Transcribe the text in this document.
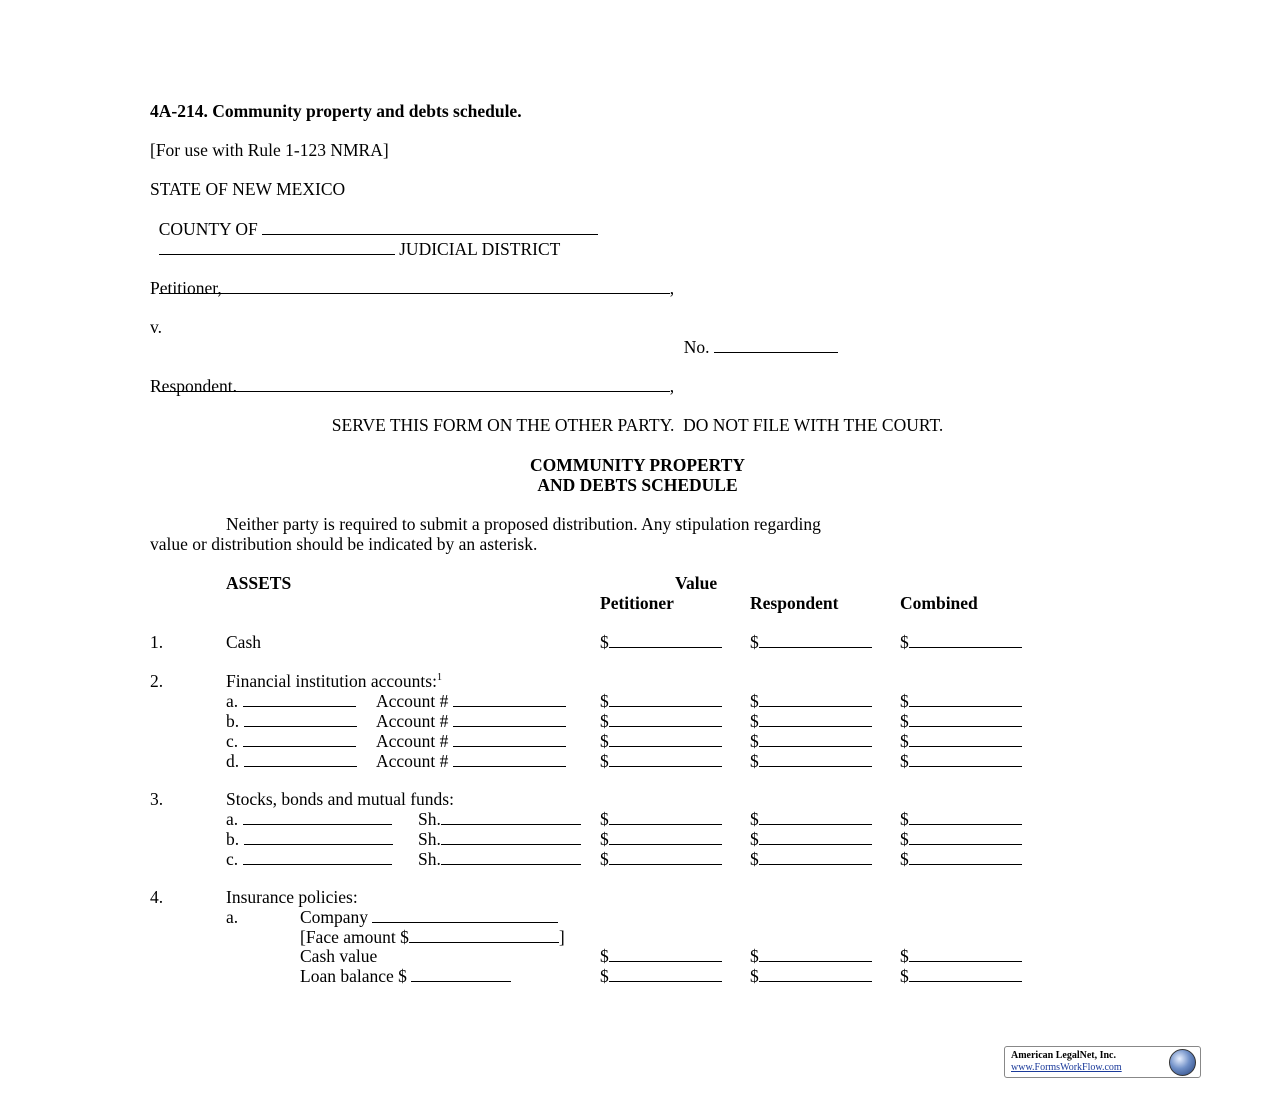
4A-214. Community property and debts schedule.
[For use with Rule 1-123 NMRA]
STATE OF NEW MEXICO

COUNTY OF

JUDICIAL DISTRICT

,

Petitioner,
v.

No.

,

Respondent.
SERVE THIS FORM ON THE OTHER PARTY.  DO NOT FILE WITH THE COURT.
COMMUNITY PROPERTY
AND DEBTS SCHEDULE
Neither party is required to submit a proposed distribution. Any stipulation regarding
value or distribution should be indicated by an asterisk.
ASSETS	Value
Petitioner	Respondent	Combined
1.	Cash	$	$	$
2.	Financial institution accounts:$^1$
a.	Account #	$	$	$
b.	Account #	$	$	$
c.	Account #	$	$	$
d.	Account #	$	$	$
3.	Stocks, bonds and mutual funds:
a.	Sh.	$	$	$
b.	Sh.	$	$	$
c.	Sh.	$	$	$
4.	Insurance policies:
a.	Company
[Face amount $	]
Cash value	$	$	$
Loan balance $	$	$	$
American LegalNet, Inc.
www.FormsWorkFlow.com
